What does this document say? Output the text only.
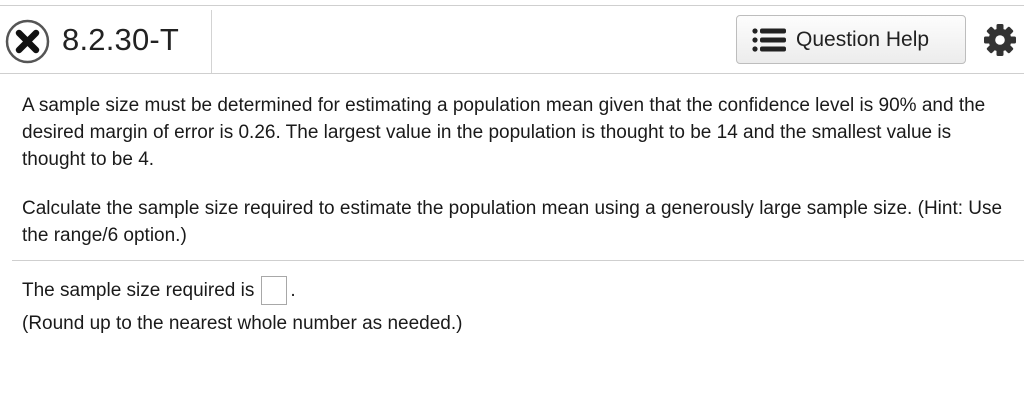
8.2.30-T	Question Help

A sample size must be determined for estimating a population mean given that the confidence level is 90% and the desired margin of error is 0.26. The largest value in the population is thought to be 14 and the smallest value is thought to be 4.

Calculate the sample size required to estimate the population mean using a generously large sample size. (Hint: Use the range/6 option.)

The sample size required is .
(Round up to the nearest whole number as needed.)
